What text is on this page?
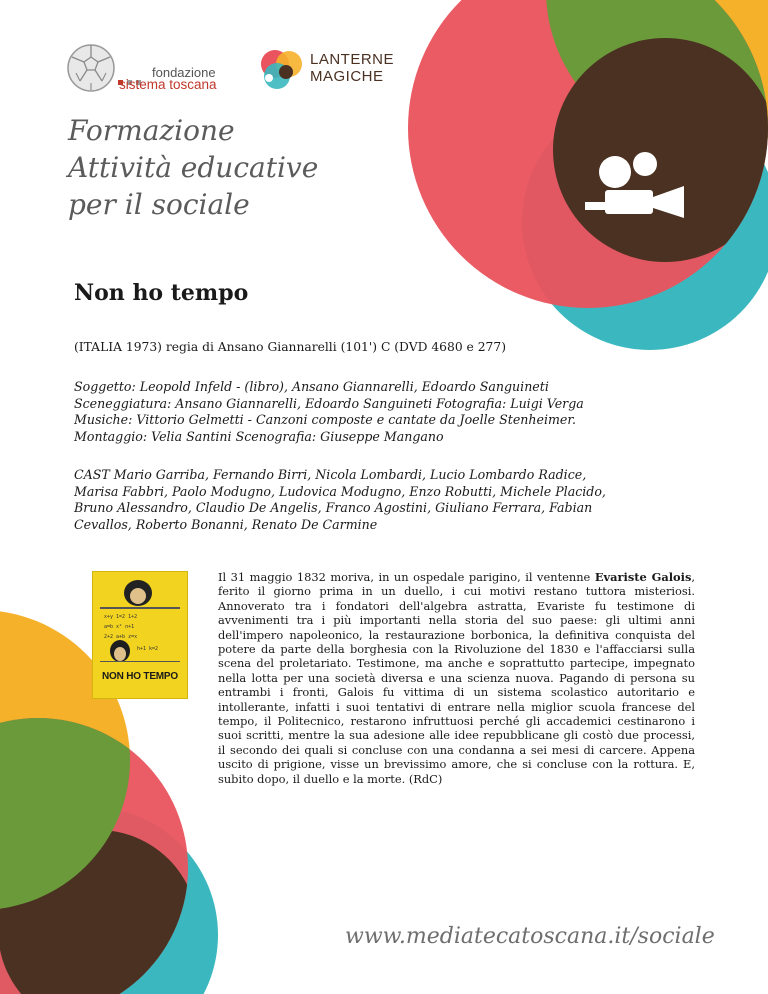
fondazione
sistema toscana
LANTERNE
MAGICHE
Formazione
Attività educative
per il sociale
Non ho tempo
(ITALIA 1973) regia di Ansano Giannarelli (101') C (DVD 4680 e 277)

Soggetto: Leopold Infeld - (libro), Ansano Giannarelli, Edoardo Sanguineti

Sceneggiatura: Ansano Giannarelli, Edoardo Sanguineti Fotografia: Luigi Verga

Musiche: Vittorio Gelmetti - Canzoni composte e cantate da Joelle Stenheimer.

Montaggio: Velia Santini Scenografia: Giuseppe Mangano

CAST Mario Garriba, Fernando Birri, Nicola Lombardi, Lucio Lombardo Radice,

Marisa Fabbri, Paolo Modugno, Ludovica Modugno, Enzo Robutti, Michele Placido,

Bruno Alessandro, Claudio De Angelis, Franco Agostini, Giuliano Ferrara, Fabian

Cevallos, Roberto Bonanni, Renato De Carmine

x+y 1=2 1+2
a=b x² n+1
2+2 a+b z=x
h+1 k=2
NON HO TEMPO
Il 31 maggio 1832 moriva, in un ospedale parigino, il ventenne Evariste Galois, ferito il giorno prima in un duello, i cui motivi restano tuttora misteriosi. Annoverato tra i fondatori dell'algebra astratta, Evariste fu testimone di avvenimenti tra i più importanti nella storia del suo paese: gli ultimi anni dell'impero napoleonico, la restaurazione borbonica, la definitiva conquista del potere da parte della borghesia con la Rivoluzione del 1830 e l'affacciarsi sulla scena del proletariato. Testimone, ma anche e soprattutto partecipe, impegnato nella lotta per una società diversa e una scienza nuova. Pagando di persona su entrambi i fronti, Galois fu vittima di un sistema scolastico autoritario e intollerante, infatti i suoi tentativi di entrare nella miglior scuola francese del tempo, il Politecnico, restarono infruttuosi perché gli accademici cestinarono i suoi scritti, mentre la sua adesione alle idee repubblicane gli costò due processi, il secondo dei quali si concluse con una condanna a sei mesi di carcere. Appena uscito di prigione, visse un brevissimo amore, che si concluse con la rottura. E, subito dopo, il duello e la morte. (RdC)
www.mediatecatoscana.it/sociale
